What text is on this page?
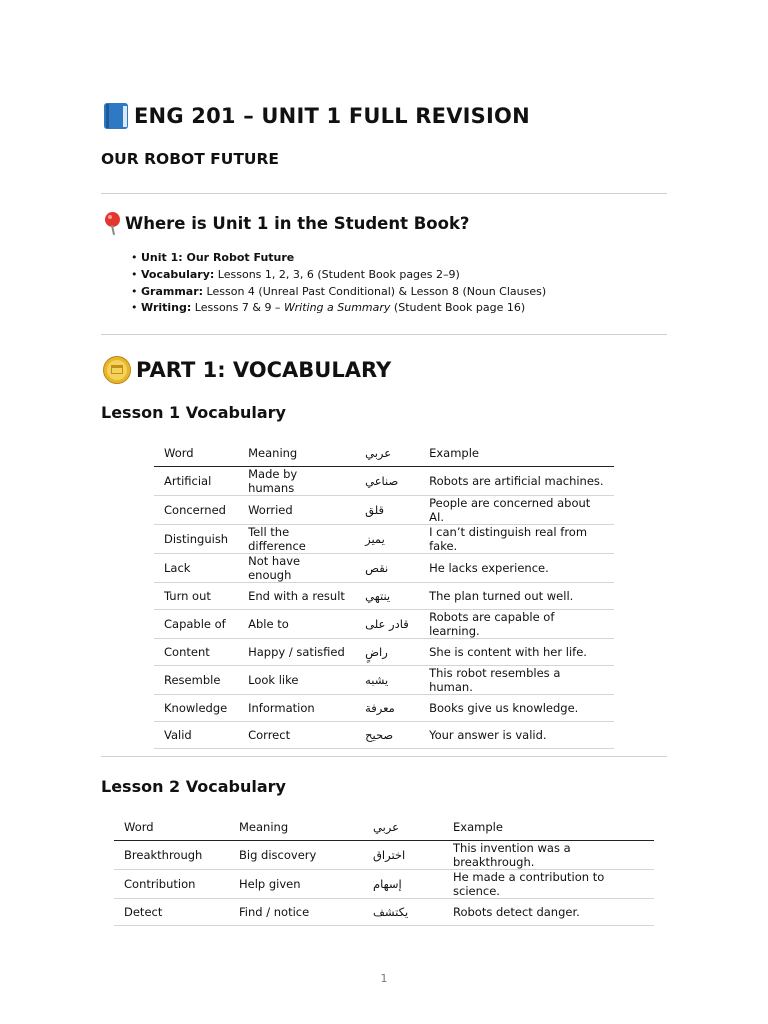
ENG 201 – UNIT 1 FULL REVISION
OUR ROBOT FUTURE
Where is Unit 1 in the Student Book?
• Unit 1: Our Robot Future
• Vocabulary: Lessons 1, 2, 3, 6 (Student Book pages 2–9)
• Grammar: Lesson 4 (Unreal Past Conditional) & Lesson 8 (Noun Clauses)
• Writing: Lessons 7 & 9 – Writing a Summary (Student Book page 16)
PART 1: VOCABULARY
Lesson 1 Vocabulary
Word	Meaning	عربي	Example
Artificial	Made by humans	صناعي	Robots are artificial machines.
Concerned	Worried	قلق	People are concerned about AI.
Distinguish	Tell the difference	يميز	I can’t distinguish real from fake.
Lack	Not have enough	نقص	He lacks experience.
Turn out	End with a result	ينتهي	The plan turned out well.
Capable of	Able to	قادر على	Robots are capable of learning.
Content	Happy / satisfied	راضٍ	She is content with her life.
Resemble	Look like	يشبه	This robot resembles a human.
Knowledge	Information	معرفة	Books give us knowledge.
Valid	Correct	صحيح	Your answer is valid.
Lesson 2 Vocabulary
Word	Meaning	عربي	Example
Breakthrough	Big discovery	اختراق	This invention was a breakthrough.
Contribution	Help given	إسهام	He made a contribution to science.
Detect	Find / notice	يكتشف	Robots detect danger.
1
